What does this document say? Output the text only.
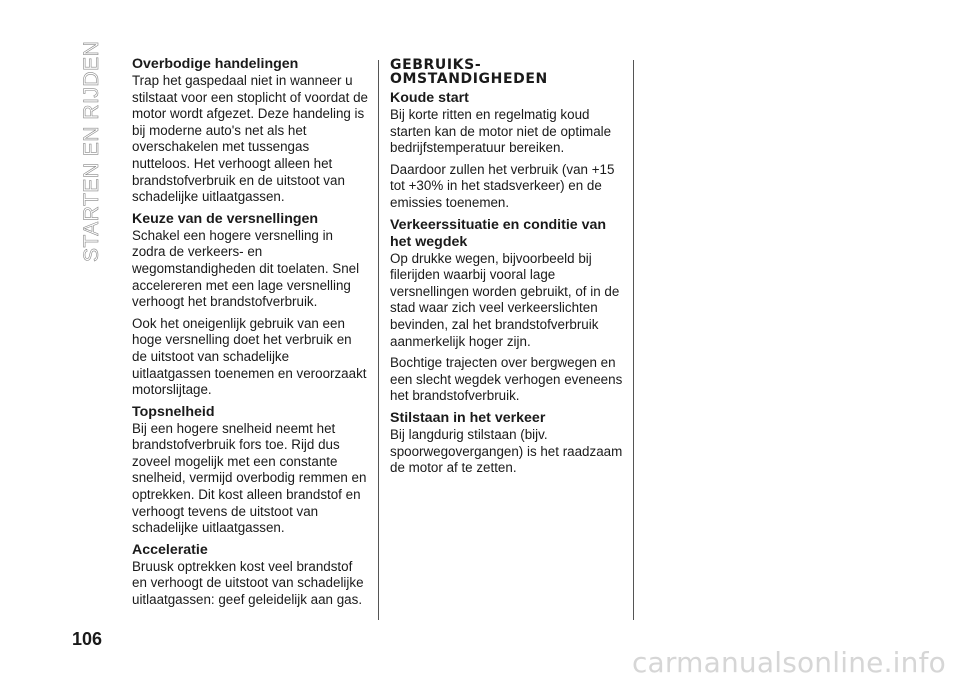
STARTEN EN RIJDEN Overbodige handelingen

Trap het gaspedaal niet in wanneer u stilstaat voor een stoplicht of voordat de motor wordt afgezet. Deze handeling is bij moderne auto's net als het overschakelen met tussengas nutteloos. Het verhoogt alleen het brandstofverbruik en de uitstoot van schadelijke uitlaatgassen.

Keuze van de versnellingen

Schakel een hogere versnelling in zodra de verkeers- en wegomstandigheden dit toelaten. Snel accelereren met een lage versnelling verhoogt het brandstofverbruik.

Ook het oneigenlijk gebruik van een hoge versnelling doet het verbruik en de uitstoot van schadelijke uitlaatgassen toenemen en veroorzaakt motorslijtage.

Topsnelheid

Bij een hogere snelheid neemt het brandstofverbruik fors toe. Rijd dus zoveel mogelijk met een constante snelheid, vermijd overbodig remmen en optrekken. Dit kost alleen brandstof en verhoogt tevens de uitstoot van schadelijke uitlaatgassen.

Acceleratie

Bruusk optrekken kost veel brandstof en verhoogt de uitstoot van schadelijke uitlaatgassen: geef geleidelijk aan gas.

GEBRUIKS-
OMSTANDIGHEDEN
Koude start

Bij korte ritten en regelmatig koud starten kan de motor niet de optimale bedrijfstemperatuur bereiken.

Daardoor zullen het verbruik (van +15 tot +30% in het stadsverkeer) en de emissies toenemen.

Verkeerssituatie en conditie van het wegdek

Op drukke wegen, bijvoorbeeld bij filerijden waarbij vooral lage versnellingen worden gebruikt, of in de stad waar zich veel verkeerslichten bevinden, zal het brandstofverbruik aanmerkelijk hoger zijn.

Bochtige trajecten over bergwegen en een slecht wegdek verhogen eveneens het brandstofverbruik.

Stilstaan in het verkeer

Bij langdurig stilstaan (bijv. spoorwegovergangen) is het raadzaam de motor af te zetten.

106
carmanualsonline.info
